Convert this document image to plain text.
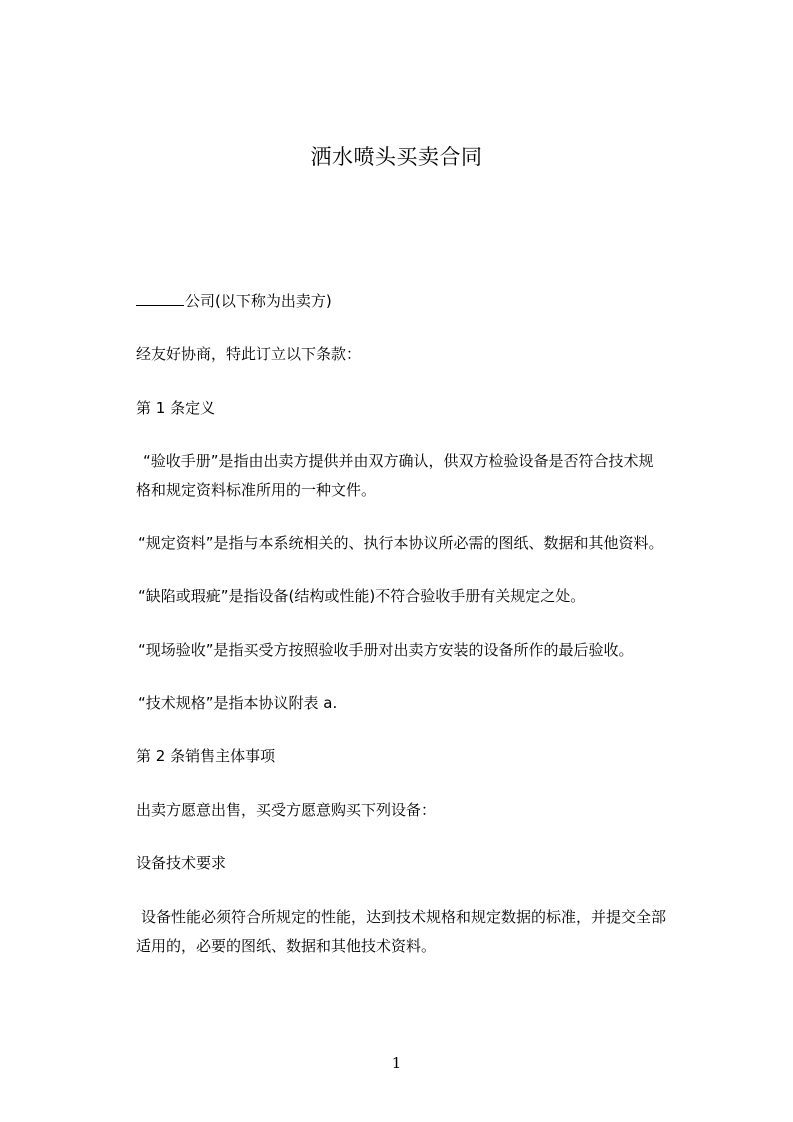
洒水喷头买卖合同
公司(以下称为出卖方)
经友好协商，特此订立以下条款：
第 1 条定义
“验收手册”是指由出卖方提供并由双方确认，供双方检验设备是否符合技术规
格和规定资料标准所用的一种文件。
“规定资料”是指与本系统相关的、执行本协议所必需的图纸、数据和其他资料。
“缺陷或瑕疵”是指设备(结构或性能)不符合验收手册有关规定之处。
“现场验收”是指买受方按照验收手册对出卖方安装的设备所作的最后验收。
“技术规格”是指本协议附表 a.
第 2 条销售主体事项
出卖方愿意出售，买受方愿意购买下列设备：
设备技术要求
设备性能必须符合所规定的性能，达到技术规格和规定数据的标准，并提交全部
适用的，必要的图纸、数据和其他技术资料。
1
